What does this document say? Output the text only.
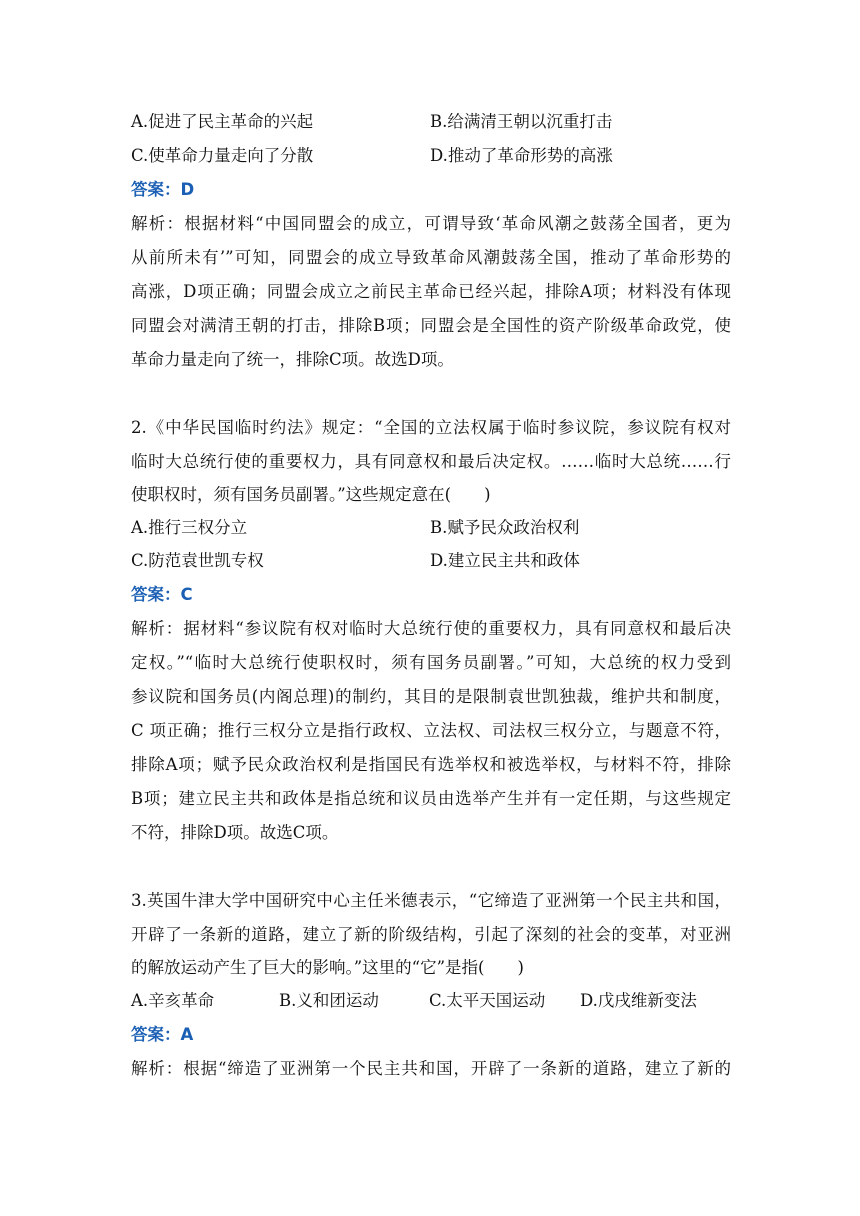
A.促进了民主革命的兴起	B.给满清王朝以沉重打击
C.使革命力量走向了分散	D.推动了革命形势的高涨
答案：D
解析：根据材料“中国同盟会的成立，可谓导致‘革命风潮之鼓荡全国者，更为
从前所未有’”可知，同盟会的成立导致革命风潮鼓荡全国，推动了革命形势的
高涨，D项正确；同盟会成立之前民主革命已经兴起，排除A项；材料没有体现
同盟会对满清王朝的打击，排除B项；同盟会是全国性的资产阶级革命政党，使
革命力量走向了统一，排除C项。故选D项。
2.《中华民国临时约法》规定：“全国的立法权属于临时参议院，参议院有权对
临时大总统行使的重要权力，具有同意权和最后决定权。……临时大总统……行
使职权时，须有国务员副署。”这些规定意在(　　)
A.推行三权分立	B.赋予民众政治权利
C.防范袁世凯专权	D.建立民主共和政体
答案：C
解析：据材料“参议院有权对临时大总统行使的重要权力，具有同意权和最后决
定权。”“临时大总统行使职权时，须有国务员副署。”可知，大总统的权力受到
参议院和国务员(内阁总理)的制约，其目的是限制袁世凯独裁，维护共和制度，
C 项正确；推行三权分立是指行政权、立法权、司法权三权分立，与题意不符，
排除A项；赋予民众政治权利是指国民有选举权和被选举权，与材料不符，排除
B项；建立民主共和政体是指总统和议员由选举产生并有一定任期，与这些规定
不符，排除D项。故选C项。
3.英国牛津大学中国研究中心主任米德表示，“它缔造了亚洲第一个民主共和国，
开辟了一条新的道路，建立了新的阶级结构，引起了深刻的社会的变革，对亚洲
的解放运动产生了巨大的影响。”这里的“它”是指(　　)
A.辛亥革命	B.义和团运动	C.太平天国运动 D.戊戌维新变法
答案：A
解析：根据“缔造了亚洲第一个民主共和国，开辟了一条新的道路，建立了新的
